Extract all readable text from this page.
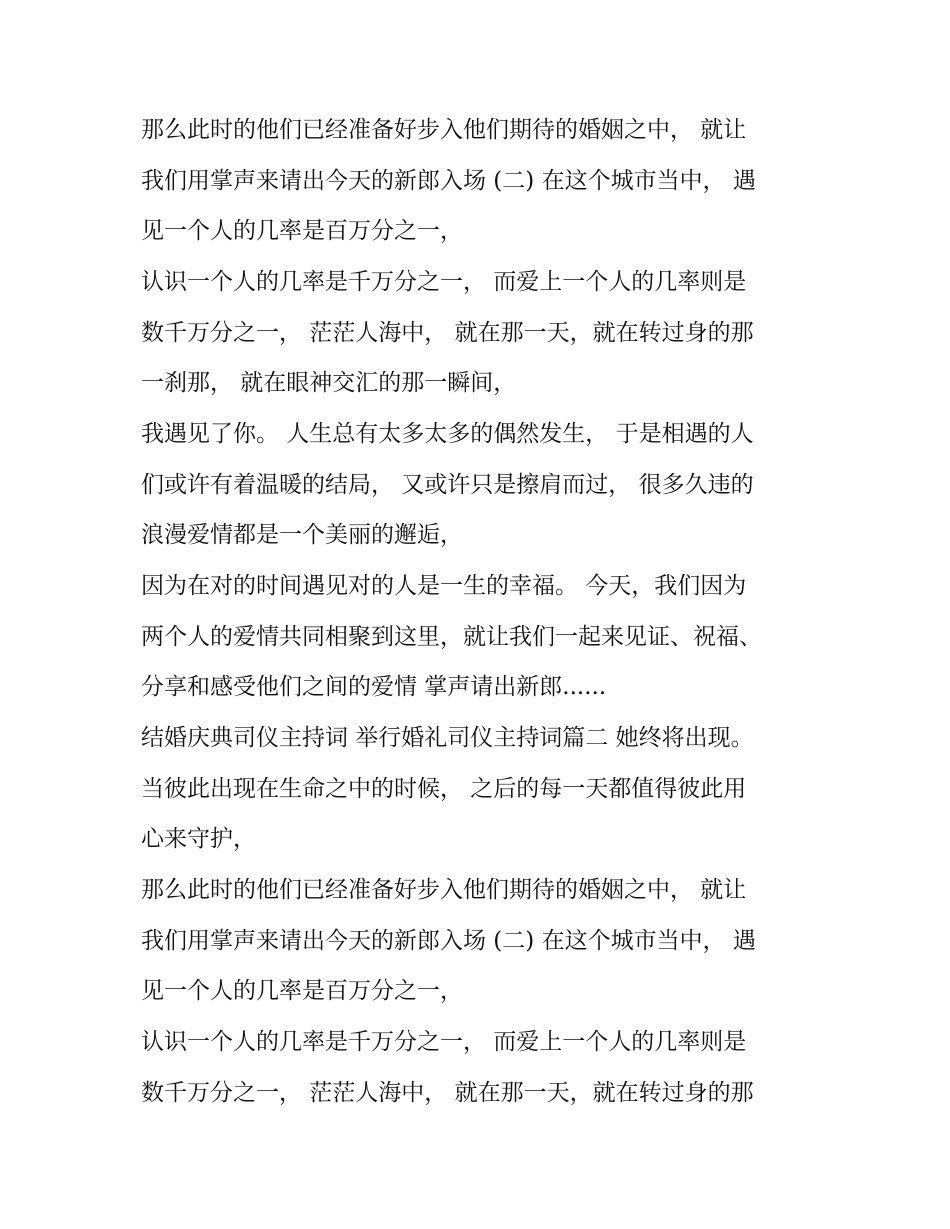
那么此时的他们已经准备好步入他们期待的婚姻之中， 就让
我们用掌声来请出今天的新郎入场 (二) 在这个城市当中， 遇
见一个人的几率是百万分之一，
认识一个人的几率是千万分之一， 而爱上一个人的几率则是
数千万分之一， 茫茫人海中， 就在那一天，就在转过身的那
一刹那， 就在眼神交汇的那一瞬间，
我遇见了你。 人生总有太多太多的偶然发生， 于是相遇的人
们或许有着温暖的结局， 又或许只是擦肩而过， 很多久违的
浪漫爱情都是一个美丽的邂逅，
因为在对的时间遇见对的人是一生的幸福。 今天，我们因为
两个人的爱情共同相聚到这里，就让我们一起来见证、祝福、
分享和感受他们之间的爱情 掌声请出新郎......
结婚庆典司仪主持词 举行婚礼司仪主持词篇二 她终将出现。
当彼此出现在生命之中的时候， 之后的每一天都值得彼此用
心来守护，
那么此时的他们已经准备好步入他们期待的婚姻之中， 就让
我们用掌声来请出今天的新郎入场 (二) 在这个城市当中， 遇
见一个人的几率是百万分之一，
认识一个人的几率是千万分之一， 而爱上一个人的几率则是
数千万分之一， 茫茫人海中， 就在那一天，就在转过身的那
